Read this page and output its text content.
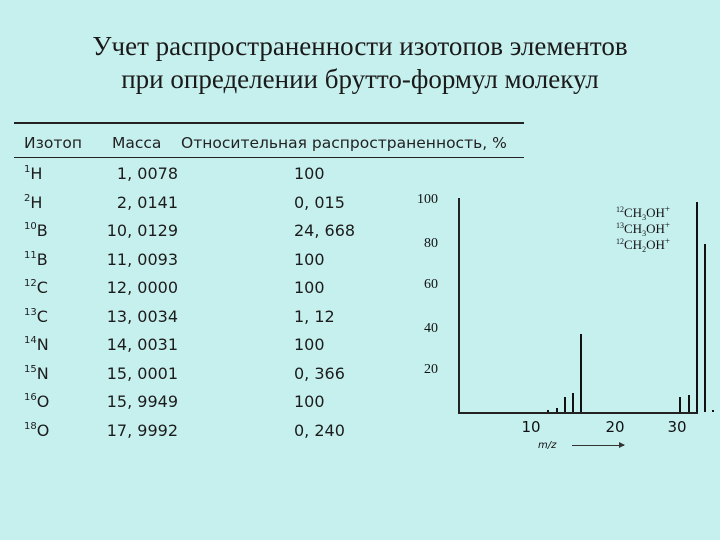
Учет распространенности изотопов элементов
при определении брутто-формул молекул
Изотоп Масса Относительная распространенность, %
$^1$H	1, 0078	100
$^2$H	2, 0141	0, 015
$^{10}$B	10, 0129	24, 668
$^{11}$B	11, 0093	100
$^{12}$C	12, 0000	100
$^{13}$C	13, 0034	1, 12
$^{14}$N	14, 0031	100
$^{15}$N	15, 0001	0, 366
$^{16}$O	15, 9949	100
$^{18}$O	17, 9992	0, 240
100
80
60
40
20
10	20	30
m/z
$^{12}CH_3OH^+$
$^{13}CH_3OH^+$
$^{12}CH_2OH^+$
